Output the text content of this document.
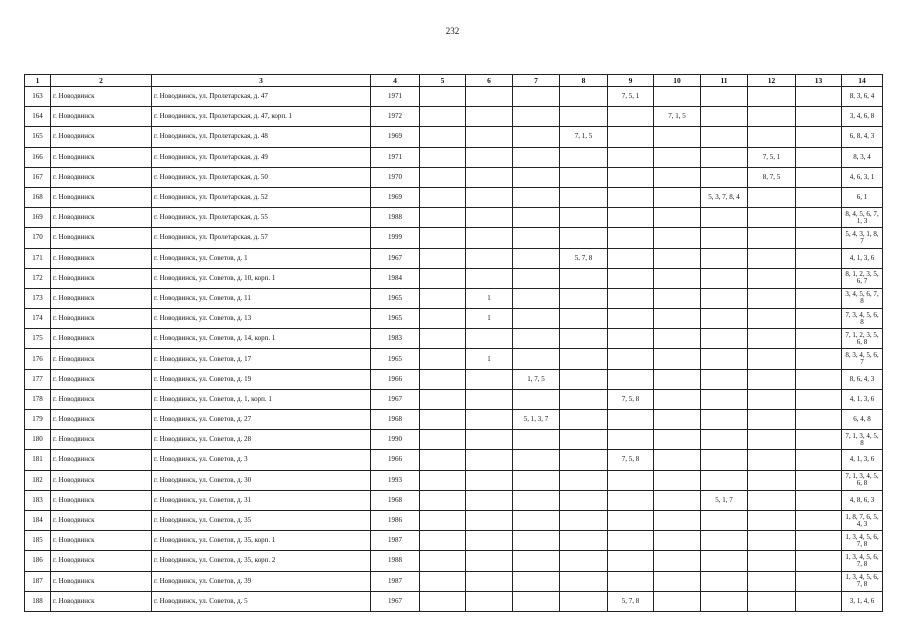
232
1	2	3	4	5	6	7	8	9	10	11	12	13	14
163	г. Новодвинск	г. Новодвинск, ул. Пролетарская, д. 47	1971					7, 5, 1					8, 3, 6, 4
164	г. Новодвинск	г. Новодвинск, ул. Пролетарская, д. 47, корп. 1	1972						7, 1, 5				3, 4, 6, 8
165	г. Новодвинск	г. Новодвинск, ул. Пролетарская, д. 48	1969				7, 1, 5						6, 8, 4, 3
166	г. Новодвинск	г. Новодвинск, ул. Пролетарская, д. 49	1971								7, 5, 1		8, 3, 4
167	г. Новодвинск	г. Новодвинск, ул. Пролетарская, д. 50	1970								8, 7, 5		4, 6, 3, 1
168	г. Новодвинск	г. Новодвинск, ул. Пролетарская, д. 52	1969							5, 3, 7, 8, 4			6, 1
169	г. Новодвинск	г. Новодвинск, ул. Пролетарская, д. 55	1988										8, 4, 5, 6, 7, 1, 3
170	г. Новодвинск	г. Новодвинск, ул. Пролетарская, д. 57	1999										5, 4, 3, 1, 8, 7
171	г. Новодвинск	г. Новодвинск, ул. Советов, д. 1	1967				5, 7, 8						4, 1, 3, 6
172	г. Новодвинск	г. Новодвинск, ул. Советов, д. 10, корп. 1	1984										8, 1, 2, 3, 5, 6, 7
173	г. Новодвинск	г. Новодвинск, ул. Советов, д. 11	1965		1								3, 4, 5, 6, 7, 8
174	г. Новодвинск	г. Новодвинск, ул. Советов, д. 13	1965		1								7, 3, 4, 5, 6, 8
175	г. Новодвинск	г. Новодвинск, ул. Советов, д. 14, корп. 1	1983										7, 1, 2, 3, 5, 6, 8
176	г. Новодвинск	г. Новодвинск, ул. Советов, д. 17	1965		1								8, 3, 4, 5, 6, 7
177	г. Новодвинск	г. Новодвинск, ул. Советов, д. 19	1966			1, 7, 5							8, 6, 4, 3
178	г. Новодвинск	г. Новодвинск, ул. Советов, д. 1, корп. 1	1967					7, 5, 8					4, 1, 3, 6
179	г. Новодвинск	г. Новодвинск, ул. Советов, д. 27	1968			5, 1, 3, 7							6, 4, 8
180	г. Новодвинск	г. Новодвинск, ул. Советов, д. 28	1990										7, 1, 3, 4, 5, 8
181	г. Новодвинск	г. Новодвинск, ул. Советов, д. 3	1966					7, 5, 8					4, 1, 3, 6
182	г. Новодвинск	г. Новодвинск, ул. Советов, д. 30	1993										7, 1, 3, 4, 5, 6, 8
183	г. Новодвинск	г. Новодвинск, ул. Советов, д. 31	1968							5, 1, 7			4, 8, 6, 3
184	г. Новодвинск	г. Новодвинск, ул. Советов, д. 35	1986										1, 8, 7, 6, 5, 4, 3
185	г. Новодвинск	г. Новодвинск, ул. Советов, д. 35, корп. 1	1987										1, 3, 4, 5, 6, 7, 8
186	г. Новодвинск	г. Новодвинск, ул. Советов, д. 35, корп. 2	1988										1, 3, 4, 5, 6, 7, 8
187	г. Новодвинск	г. Новодвинск, ул. Советов, д. 39	1987										1, 3, 4, 5, 6, 7, 8
188	г. Новодвинск	г. Новодвинск, ул. Советов, д. 5	1967					5, 7, 8					3, 1, 4, 6
